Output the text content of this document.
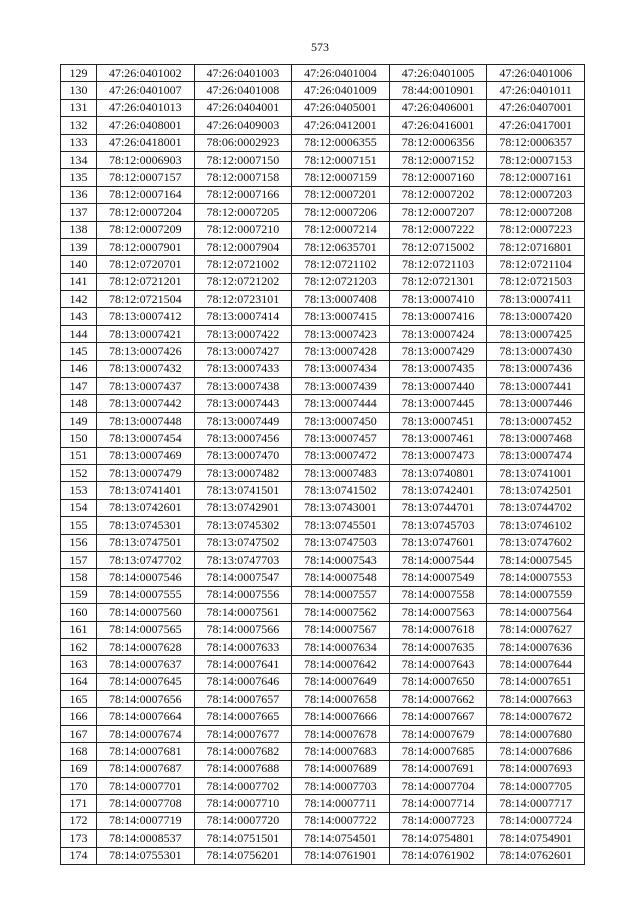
573
129	47:26:0401002	47:26:0401003	47:26:0401004	47:26:0401005	47:26:0401006
130	47:26:0401007	47:26:0401008	47:26:0401009	78:44:0010901	47:26:0401011
131	47:26:0401013	47:26:0404001	47:26:0405001	47:26:0406001	47:26:0407001
132	47:26:0408001	47:26:0409003	47:26:0412001	47:26:0416001	47:26:0417001
133	47:26:0418001	78:06:0002923	78:12:0006355	78:12:0006356	78:12:0006357
134	78:12:0006903	78:12:0007150	78:12:0007151	78:12:0007152	78:12:0007153
135	78:12:0007157	78:12:0007158	78:12:0007159	78:12:0007160	78:12:0007161
136	78:12:0007164	78:12:0007166	78:12:0007201	78:12:0007202	78:12:0007203
137	78:12:0007204	78:12:0007205	78:12:0007206	78:12:0007207	78:12:0007208
138	78:12:0007209	78:12:0007210	78:12:0007214	78:12:0007222	78:12:0007223
139	78:12:0007901	78:12:0007904	78:12:0635701	78:12:0715002	78:12:0716801
140	78:12:0720701	78:12:0721002	78:12:0721102	78:12:0721103	78:12:0721104
141	78:12:0721201	78:12:0721202	78:12:0721203	78:12:0721301	78:12:0721503
142	78:12:0721504	78:12:0723101	78:13:0007408	78:13:0007410	78:13:0007411
143	78:13:0007412	78:13:0007414	78:13:0007415	78:13:0007416	78:13:0007420
144	78:13:0007421	78:13:0007422	78:13:0007423	78:13:0007424	78:13:0007425
145	78:13:0007426	78:13:0007427	78:13:0007428	78:13:0007429	78:13:0007430
146	78:13:0007432	78:13:0007433	78:13:0007434	78:13:0007435	78:13:0007436
147	78:13:0007437	78:13:0007438	78:13:0007439	78:13:0007440	78:13:0007441
148	78:13:0007442	78:13:0007443	78:13:0007444	78:13:0007445	78:13:0007446
149	78:13:0007448	78:13:0007449	78:13:0007450	78:13:0007451	78:13:0007452
150	78:13:0007454	78:13:0007456	78:13:0007457	78:13:0007461	78:13:0007468
151	78:13:0007469	78:13:0007470	78:13:0007472	78:13:0007473	78:13:0007474
152	78:13:0007479	78:13:0007482	78:13:0007483	78:13:0740801	78:13:0741001
153	78:13:0741401	78:13:0741501	78:13:0741502	78:13:0742401	78:13:0742501
154	78:13:0742601	78:13:0742901	78:13:0743001	78:13:0744701	78:13:0744702
155	78:13:0745301	78:13:0745302	78:13:0745501	78:13:0745703	78:13:0746102
156	78:13:0747501	78:13:0747502	78:13:0747503	78:13:0747601	78:13:0747602
157	78:13:0747702	78:13:0747703	78:14:0007543	78:14:0007544	78:14:0007545
158	78:14:0007546	78:14:0007547	78:14:0007548	78:14:0007549	78:14:0007553
159	78:14:0007555	78:14:0007556	78:14:0007557	78:14:0007558	78:14:0007559
160	78:14:0007560	78:14:0007561	78:14:0007562	78:14:0007563	78:14:0007564
161	78:14:0007565	78:14:0007566	78:14:0007567	78:14:0007618	78:14:0007627
162	78:14:0007628	78:14:0007633	78:14:0007634	78:14:0007635	78:14:0007636
163	78:14:0007637	78:14:0007641	78:14:0007642	78:14:0007643	78:14:0007644
164	78:14:0007645	78:14:0007646	78:14:0007649	78:14:0007650	78:14:0007651
165	78:14:0007656	78:14:0007657	78:14:0007658	78:14:0007662	78:14:0007663
166	78:14:0007664	78:14:0007665	78:14:0007666	78:14:0007667	78:14:0007672
167	78:14:0007674	78:14:0007677	78:14:0007678	78:14:0007679	78:14:0007680
168	78:14:0007681	78:14:0007682	78:14:0007683	78:14:0007685	78:14:0007686
169	78:14:0007687	78:14:0007688	78:14:0007689	78:14:0007691	78:14:0007693
170	78:14:0007701	78:14:0007702	78:14:0007703	78:14:0007704	78:14:0007705
171	78:14:0007708	78:14:0007710	78:14:0007711	78:14:0007714	78:14:0007717
172	78:14:0007719	78:14:0007720	78:14:0007722	78:14:0007723	78:14:0007724
173	78:14:0008537	78:14:0751501	78:14:0754501	78:14:0754801	78:14:0754901
174	78:14:0755301	78:14:0756201	78:14:0761901	78:14:0761902	78:14:0762601
